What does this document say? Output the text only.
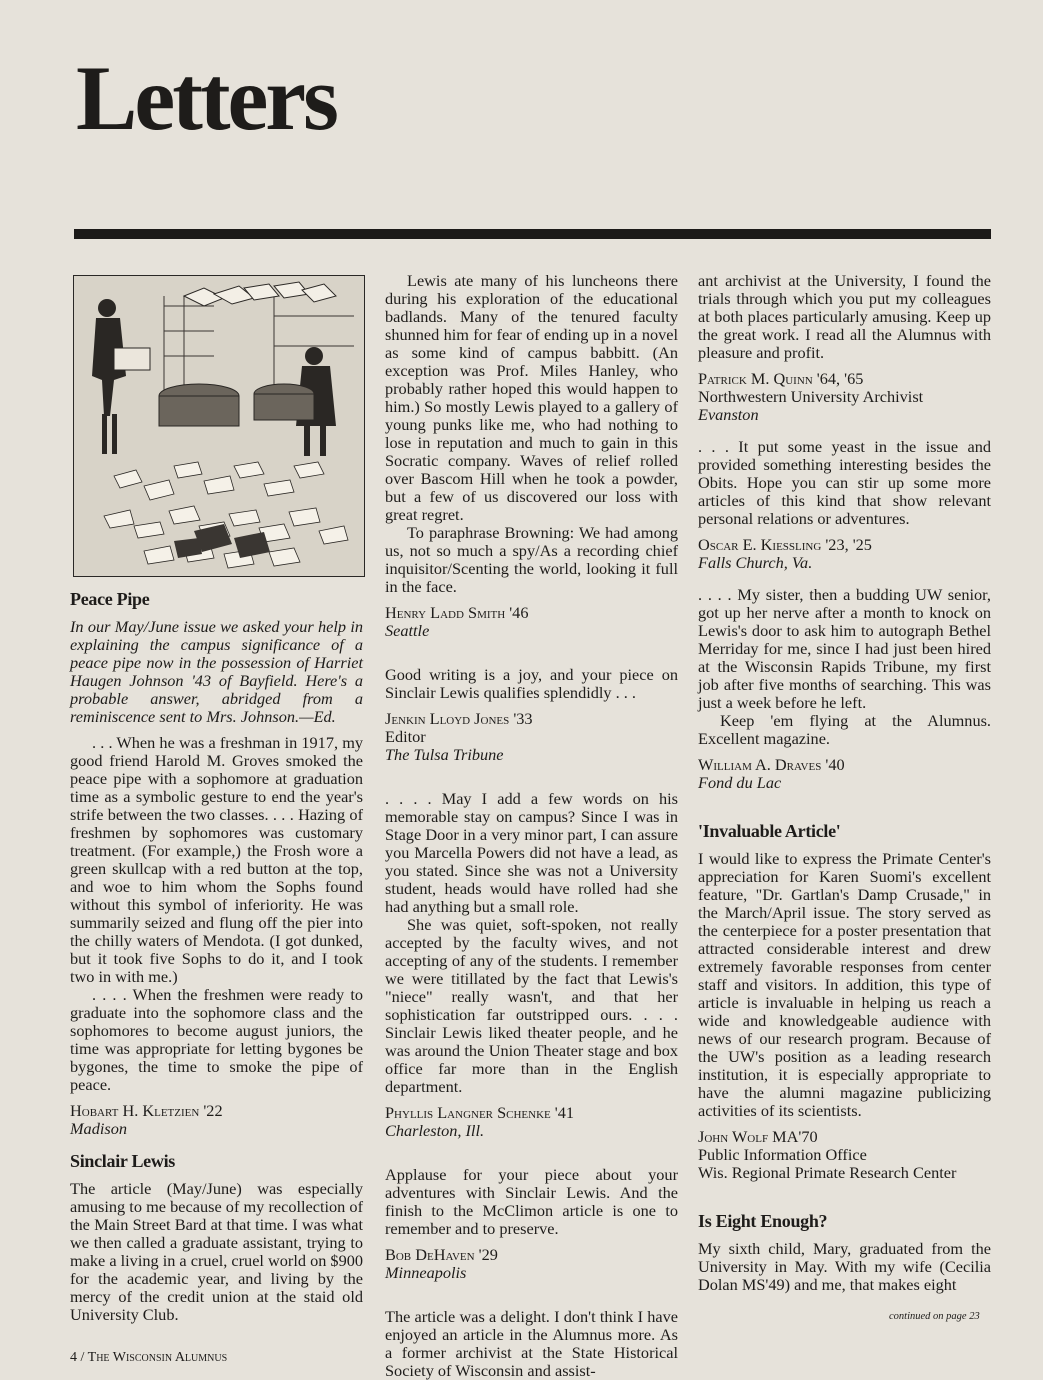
Letters
Peace Pipe

In our May/June issue we asked your help in explaining the campus significance of a peace pipe now in the possession of Harriet Haugen Johnson '43 of Bayfield. Here's a probable answer, abridged from a reminiscence sent to Mrs. Johnson.—Ed.

. . . When he was a freshman in 1917, my good friend Harold M. Groves smoked the peace pipe with a sophomore at graduation time as a symbolic gesture to end the year's strife between the two classes. . . . Hazing of freshmen by sophomores was customary treatment. (For example,) the Frosh wore a green skullcap with a red button at the top, and woe to him whom the Sophs found without this symbol of inferiority. He was summarily seized and flung off the pier into the chilly waters of Mendota. (I got dunked, but it took five Sophs to do it, and I took two in with me.)

. . . . When the freshmen were ready to graduate into the sophomore class and the sophomores to become august juniors, the time was appropriate for letting bygones be bygones, the time to smoke the pipe of peace.

Hobart H. Kletzien '22
Madison
Sinclair Lewis

The article (May/June) was especially amusing to me because of my recollection of the Main Street Bard at that time. I was what we then called a graduate assistant, trying to make a living in a cruel, cruel world on $900 for the academic year, and living by the mercy of the credit union at the staid old University Club.

Lewis ate many of his luncheons there during his exploration of the educational badlands. Many of the tenured faculty shunned him for fear of ending up in a novel as some kind of campus babbitt. (An exception was Prof. Miles Hanley, who probably rather hoped this would happen to him.) So mostly Lewis played to a gallery of young punks like me, who had nothing to lose in reputation and much to gain in this Socratic company. Waves of relief rolled over Bascom Hill when he took a powder, but a few of us discovered our loss with great regret.

To paraphrase Browning: We had among us, not so much a spy/As a recording chief inquisitor/Scenting the world, looking it full in the face.

Henry Ladd Smith '46
Seattle

Good writing is a joy, and your piece on Sinclair Lewis qualifies splendidly . . .

Jenkin Lloyd Jones '33
Editor
The Tulsa Tribune

. . . . May I add a few words on his memorable stay on campus? Since I was in Stage Door in a very minor part, I can assure you Marcella Powers did not have a lead, as you stated. Since she was not a University student, heads would have rolled had she had anything but a small role.

She was quiet, soft-spoken, not really accepted by the faculty wives, and not accepting of any of the students. I remember we were titillated by the fact that Lewis's "niece" really wasn't, and that her sophistication far outstripped ours. . . . Sinclair Lewis liked theater people, and he was around the Union Theater stage and box office far more than in the English department.

Phyllis Langner Schenke '41
Charleston, Ill.

Applause for your piece about your adventures with Sinclair Lewis. And the finish to the McClimon article is one to remember and to preserve.

Bob DeHaven '29
Minneapolis

The article was a delight. I don't think I have enjoyed an article in the Alumnus more. As a former archivist at the State Historical Society of Wisconsin and assist-

ant archivist at the University, I found the trials through which you put my colleagues at both places particularly amusing. Keep up the great work. I read all the Alumnus with pleasure and profit.

Patrick M. Quinn '64, '65
Northwestern University Archivist
Evanston

. . . It put some yeast in the issue and provided something interesting besides the Obits. Hope you can stir up some more articles of this kind that show relevant personal relations or adventures.

Oscar E. Kiessling '23, '25
Falls Church, Va.

. . . . My sister, then a budding UW senior, got up her nerve after a month to knock on Lewis's door to ask him to autograph Bethel Merriday for me, since I had just been hired at the Wisconsin Rapids Tribune, my first job after five months of searching. This was just a week before he left.

Keep 'em flying at the Alumnus. Excellent magazine.

William A. Draves '40
Fond du Lac
'Invaluable Article'

I would like to express the Primate Center's appreciation for Karen Suomi's excellent feature, "Dr. Gartlan's Damp Crusade," in the March/April issue. The story served as the centerpiece for a poster presentation that attracted considerable interest and drew extremely favorable responses from center staff and visitors. In addition, this type of article is invaluable in helping us reach a wide and knowledgeable audience with news of our research program. Because of the UW's position as a leading research institution, it is especially appropriate to have the alumni magazine publicizing activities of its scientists.

John Wolf MA'70
Public Information Office
Wis. Regional Primate Research Center
Is Eight Enough?

My sixth child, Mary, graduated from the University in May. With my wife (Cecilia Dolan MS'49) and me, that makes eight

continued on page 23
4 / The Wisconsin Alumnus
